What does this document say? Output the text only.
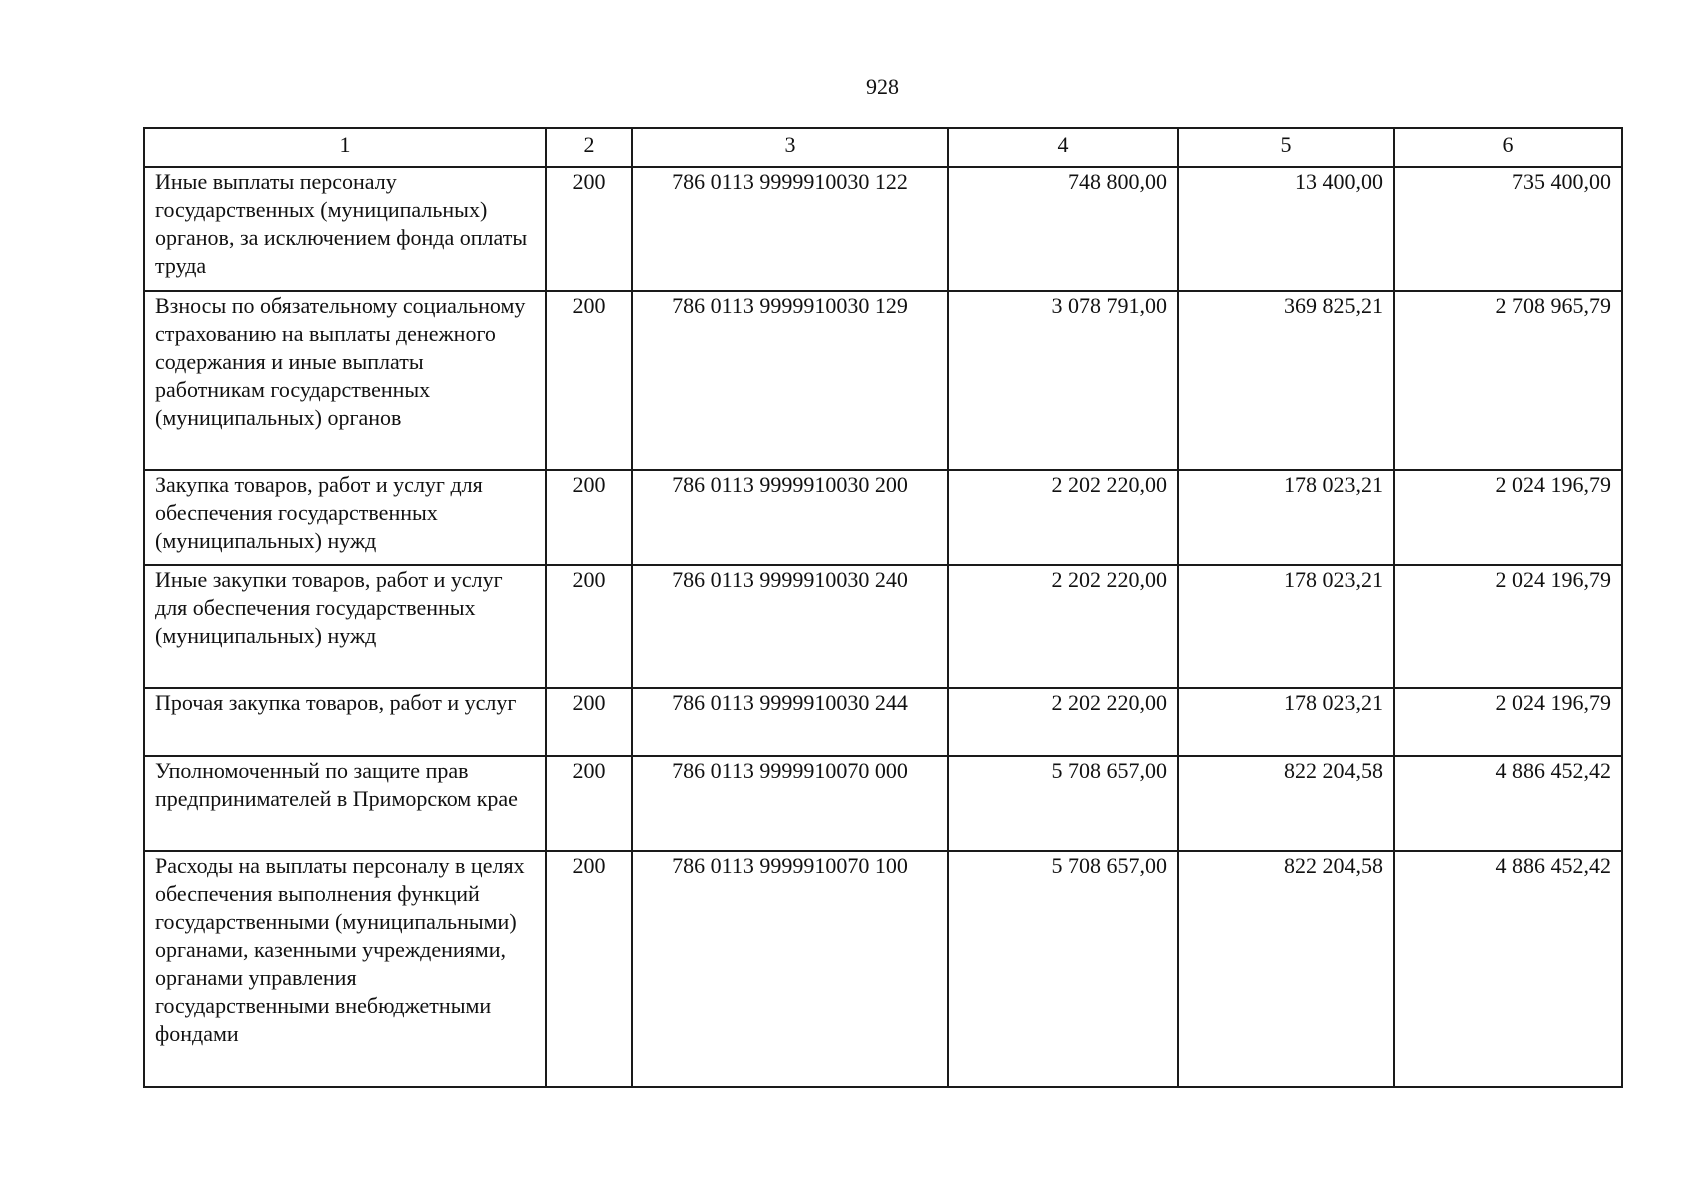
928
1	2	3	4	5	6
Иные выплаты персоналу государственных (муниципальных) органов, за исключением фонда оплаты труда	200	786 0113 9999910030 122	748 800,00	13 400,00	735 400,00
Взносы по обязательному социальному страхованию на выплаты денежного содержания и иные выплаты работникам государственных (муниципальных) органов	200	786 0113 9999910030 129	3 078 791,00	369 825,21	2 708 965,79
Закупка товаров, работ и услуг для обеспечения государственных (муниципальных) нужд	200	786 0113 9999910030 200	2 202 220,00	178 023,21	2 024 196,79
Иные закупки товаров, работ и услуг для обеспечения государственных (муниципальных) нужд	200	786 0113 9999910030 240	2 202 220,00	178 023,21	2 024 196,79
Прочая закупка товаров, работ и услуг	200	786 0113 9999910030 244	2 202 220,00	178 023,21	2 024 196,79
Уполномоченный по защите прав предпринимателей в Приморском крае	200	786 0113 9999910070 000	5 708 657,00	822 204,58	4 886 452,42
Расходы на выплаты персоналу в целях обеспечения выполнения функций государственными (муниципальными) органами, казенными учреждениями, органами управления государственными внебюджетными фондами	200	786 0113 9999910070 100	5 708 657,00	822 204,58	4 886 452,42
